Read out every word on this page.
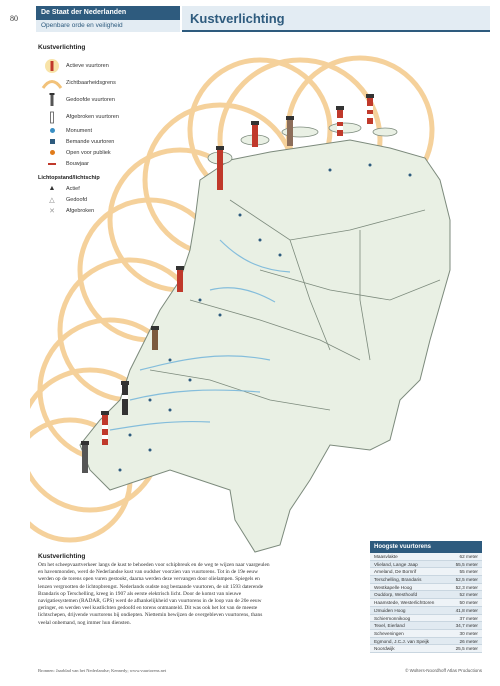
80
De Staat der Nederlanden
Openbare orde en veiligheid	Kustverlichting
Kustverlichting
Actieve vuurtoren
Zichtbaarheidsgrens
Gedoofde vuurtoren
Afgebroken vuurtoren
Monument
Bemande vuurtoren
Open voor publiek
Bouwjaar
Lichtopstand/lichtschip
▲ Actief
△ Gedoofd
✕ Afgebroken
Kustverlichting
Om het scheepvaartverkeer langs de kust te behoeden voor schipbreuk en de weg te wijzen naar vaargeulen en havenmonden, werd de Nederlandse kust van oudsher voorzien van vuurtorens. Tot in de 19e eeuw werden op de torens open vuren gestookt, daarna werden deze vervangen door olielampen. Spiegels en lenzen vergrootten de lichtopbrengst. Nederlands oudste nog bestaande vuurtoren, de uit 1593 daterende Brandaris op Terschelling, kreeg in 1907 als eerste elektrisch licht. Door de komst van nieuwe navigatiesystemen (RADAR, GPS) werd de afhankelijkheid van vuurtorens in de loop van de 20e eeuw geringer, en werden veel kustlichten gedoofd en torens ontmanteld. Dit was ook het lot van de meeste lichtschepen, drijvende vuurtorens bij ondiepten. Niettemin bewijzen de overgebleven vuurtorens, thans veelal onbemand, nog immer hun diensten.
Hoogste vuurtorens
Maasvlakte	62 meter
Vlieland, Lange Jaap	55,5 meter
Ameland, De Bornrif	55 meter
Terschelling, Brandaris	52,5 meter
Westkapelle Hoog	52,3 meter
Ouddorp, Westhoofd	52 meter
Haamstede, Westerlichttoren	50 meter
IJmuiden Hoog	41,8 meter
Schiermonnikoog	37 meter
Texel, Eierland	34,7 meter
Scheveningen	30 meter
Egmond, J.C.J. van Speijk	26 meter
Noordwijk	25,5 meter
Bronnen: Jaarblad van het Nederlandse; Kennedy; www.vuurtorens.net	© Wolters-Noordhoff Atlas Productions
